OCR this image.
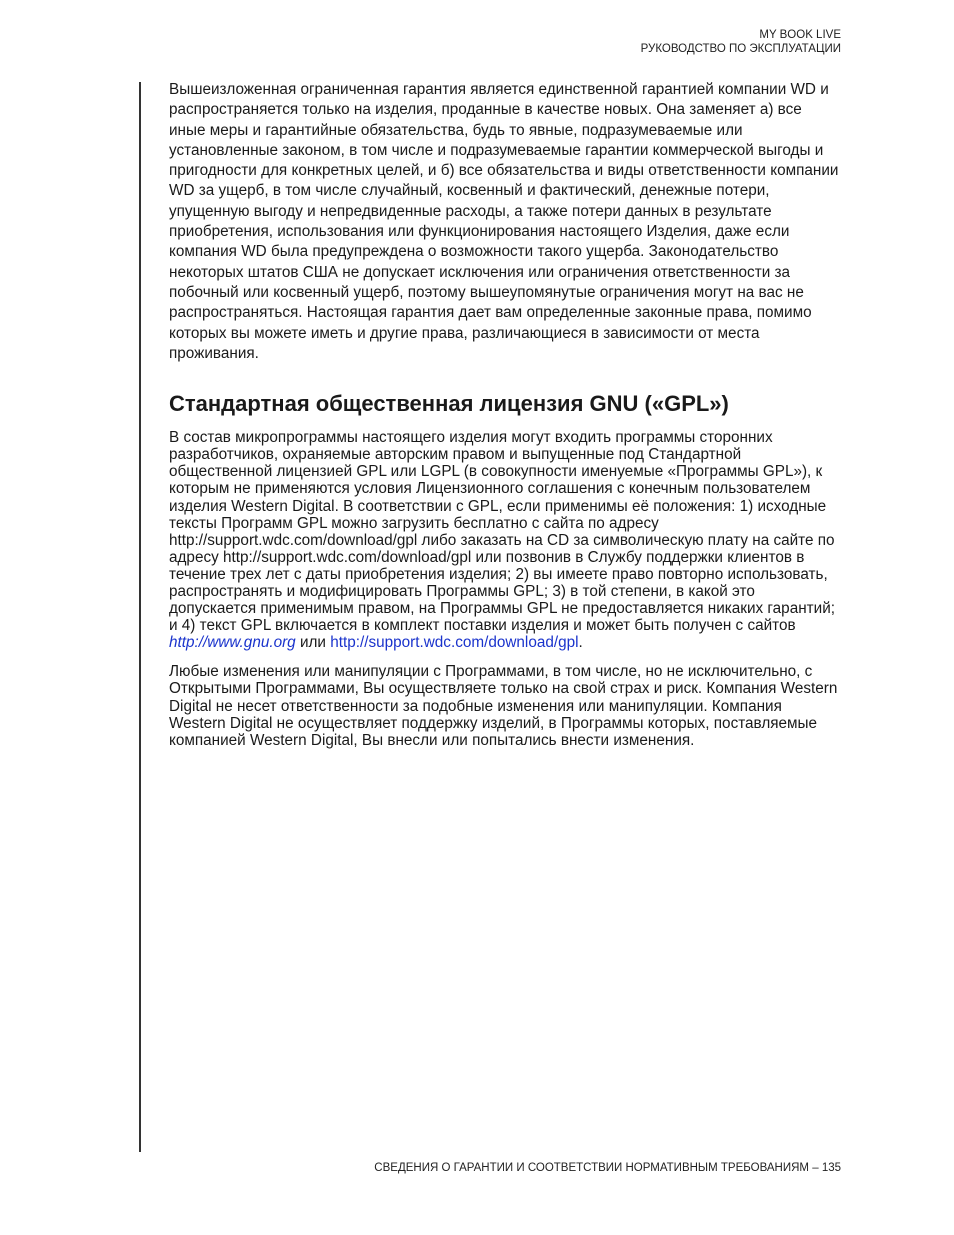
MY BOOK LIVE
РУКОВОДСТВО ПО ЭКСПЛУАТАЦИИ

Вышеизложенная ограниченная гарантия является единственной гарантией компании WD и распространяется только на изделия, проданные в качестве новых. Она заменяет а) все иные меры и гарантийные обязательства, будь то явные, подразумеваемые или установленные законом, в том числе и подразумеваемые гарантии коммерческой выгоды и пригодности для конкретных целей, и б) все обязательства и виды ответственности компании WD за ущерб, в том числе случайный, косвенный и фактический, денежные потери, упущенную выгоду и непредвиденные расходы, а также потери данных в результате приобретения, использования или функционирования настоящего Изделия, даже если компания WD была предупреждена о возможности такого ущерба. Законодательство некоторых штатов США не допускает исключения или ограничения ответственности за побочный или косвенный ущерб, поэтому вышеупомянутые ограничения могут на вас не распространяться. Настоящая гарантия дает вам определенные законные права, помимо которых вы можете иметь и другие права, различающиеся в зависимости от места проживания.

Стандартная общественная лицензия GNU («GPL»)

В состав микропрограммы настоящего изделия могут входить программы сторонних разработчиков, охраняемые авторским правом и выпущенные под Стандартной общественной лицензией GPL или LGPL (в совокупности именуемые «Программы GPL»), к которым не применяются условия Лицензионного соглашения с конечным пользователем изделия Western Digital. В соответствии с GPL, если применимы её положения: 1) исходные тексты Программ GPL можно загрузить бесплатно с сайта по адресу http://support.wdc.com/download/gpl либо заказать на CD за символическую плату на сайте по адресу http://support.wdc.com/download/gpl или позвонив в Службу поддержки клиентов в течение трех лет с даты приобретения изделия; 2) вы имеете право повторно использовать, распространять и модифицировать Программы GPL; 3) в той степени, в какой это допускается применимым правом, на Программы GPL не предоставляется никаких гарантий; и 4) текст GPL включается в комплект поставки изделия и может быть получен с сайтов http://www.gnu.org или http://support.wdc.com/download/gpl.

Любые изменения или манипуляции с Программами, в том числе, но не исключительно, с Открытыми Программами, Вы осуществляете только на свой страх и риск. Компания Western Digital не несет ответственности за подобные изменения или манипуляции. Компания Western Digital не осуществляет поддержку изделий, в Программы которых, поставляемые компанией Western Digital, Вы внесли или попытались внести изменения.

СВЕДЕНИЯ О ГАРАНТИИ И СООТВЕТСТВИИ НОРМАТИВНЫМ ТРЕБОВАНИЯМ – 135
